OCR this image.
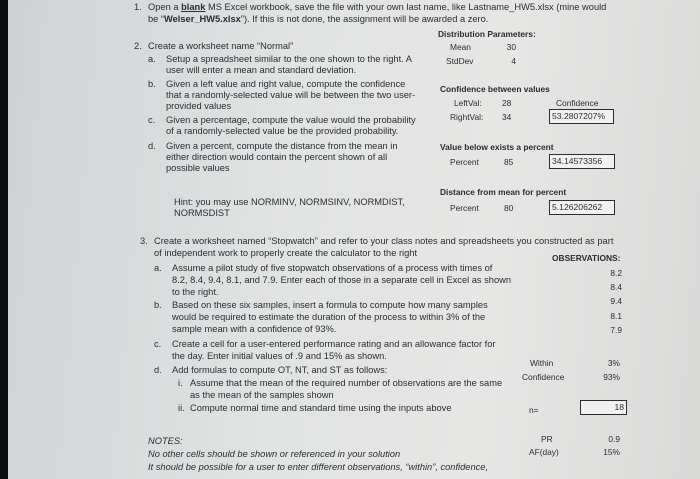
1. Open a blank MS Excel workbook, save the file with your own last name, like Lastname_HW5.xlsx (mine would
be “Welser_HW5.xlsx”). If this is not done, the assignment will be awarded a zero.
2. Create a worksheet name “Normal”
a. Setup a spreadsheet similar to the one shown to the right. A
user will enter a mean and standard deviation.
b. Given a left value and right value, compute the confidence
that a randomly-selected value will be between the two user-
provided values
c. Given a percentage, compute the value would the probability
of a randomly-selected value be the provided probability.
d. Given a percent, compute the distance from the mean in
either direction would contain the percent shown of all
possible values
Hint: you may use NORMINV, NORMSINV, NORMDIST,
NORMSDIST
Distribution Parameters:
Mean	30
StdDev	4
Confidence between values
LeftVal: 28
RightVal: 34
Confidence
53.2807207%
Value below exists a percent
Percent	85	34.14573356
Distance from mean for percent
Percent	80	5.126206262
3. Create a worksheet named “Stopwatch” and refer to your class notes and spreadsheets you constructed as part
of independent work to properly create the calculator to the right
a. Assume a pilot study of five stopwatch observations of a process with times of
8.2, 8.4, 9.4, 8.1, and 7.9. Enter each of those in a separate cell in Excel as shown
to the right.
b. Based on these six samples, insert a formula to compute how many samples
would be required to estimate the duration of the process to within 3% of the
sample mean with a confidence of 93%.
c. Create a cell for a user-entered performance rating and an allowance factor for
the day. Enter initial values of .9 and 15% as shown.
d. Add formulas to compute OT, NT, and ST as follows:
i. Assume that the mean of the required number of observations are the same
as the mean of the samples shown
ii. Compute normal time and standard time using the inputs above
OBSERVATIONS:
8.2
8.4
9.4
8.1
7.9
Within	3%
Confidence	93%
n=	18
PR	0.9
AF(day)	15%
NOTES:
No other cells should be shown or referenced in your solution
It should be possible for a user to enter different observations, “within”, confidence,
